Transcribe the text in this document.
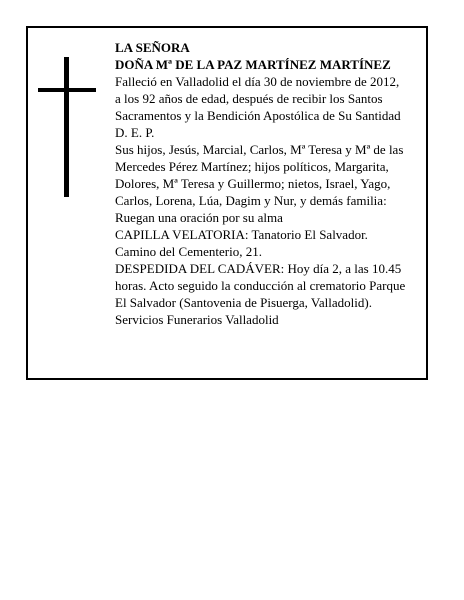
LA SEÑORA
DOÑA Mª DE LA PAZ MARTÍNEZ MARTÍNEZ
Falleció en Valladolid el día 30 de noviembre de 2012,
a los 92 años de edad, después de recibir los Santos
Sacramentos y la Bendición Apostólica de Su Santidad
D. E. P.
Sus hijos, Jesús, Marcial, Carlos, Mª Teresa y Mª de las
Mercedes Pérez Martínez; hijos políticos, Margarita,
Dolores, Mª Teresa y Guillermo; nietos, Israel, Yago,
Carlos, Lorena, Lúa, Dagim y Nur, y demás familia:
Ruegan una oración por su alma
CAPILLA VELATORIA: Tanatorio El Salvador.
Camino del Cementerio, 21.
DESPEDIDA DEL CADÁVER: Hoy día 2, a las 10.45
horas. Acto seguido la conducción al crematorio Parque
El Salvador (Santovenia de Pisuerga, Valladolid).
Servicios Funerarios Valladolid
